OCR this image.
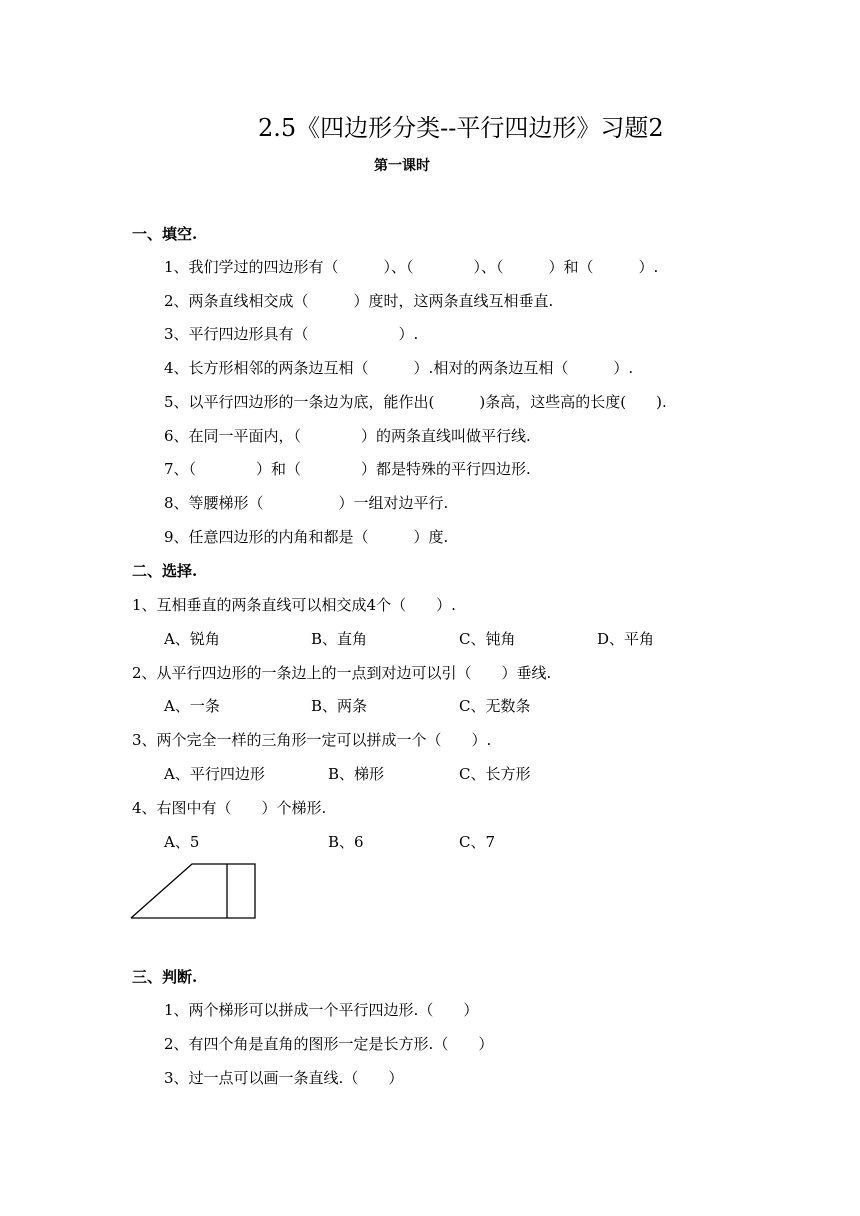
2.5《四边形分类--平行四边形》习题2
第一课时
一、填空.
1、我们学过的四边形有（　　　）、（　　　　）、（　　　）和（　　　）.
2、两条直线相交成（　　　）度时，这两条直线互相垂直.
3、平行四边形具有（　　　　　　）.
4、长方形相邻的两条边互相（　　　）.相对的两条边互相（　　　）.
5、以平行四边形的一条边为底，能作出(　　　)条高，这些高的长度(　　).
6、在同一平面内，（　　　　）的两条直线叫做平行线.
7、（　　　　）和（　　　　）都是特殊的平行四边形.
8、等腰梯形（　　　　　）一组对边平行.
9、任意四边形的内角和都是（　　　）度.
二、选择.
1、互相垂直的两条直线可以相交成4个（　　）.
A、锐角	B、直角	C、钝角	D、平角
2、从平行四边形的一条边上的一点到对边可以引（　　）垂线.
A、一条	B、两条	C、无数条
3、两个完全一样的三角形一定可以拼成一个（　　）.
A、平行四边形	B、梯形	C、长方形
4、右图中有（　　）个梯形.
A、5	B、6	C、7
三、判断.
1、两个梯形可以拼成一个平行四边形.（　　）
2、有四个角是直角的图形一定是长方形.（　　）
3、过一点可以画一条直线.（　　）
